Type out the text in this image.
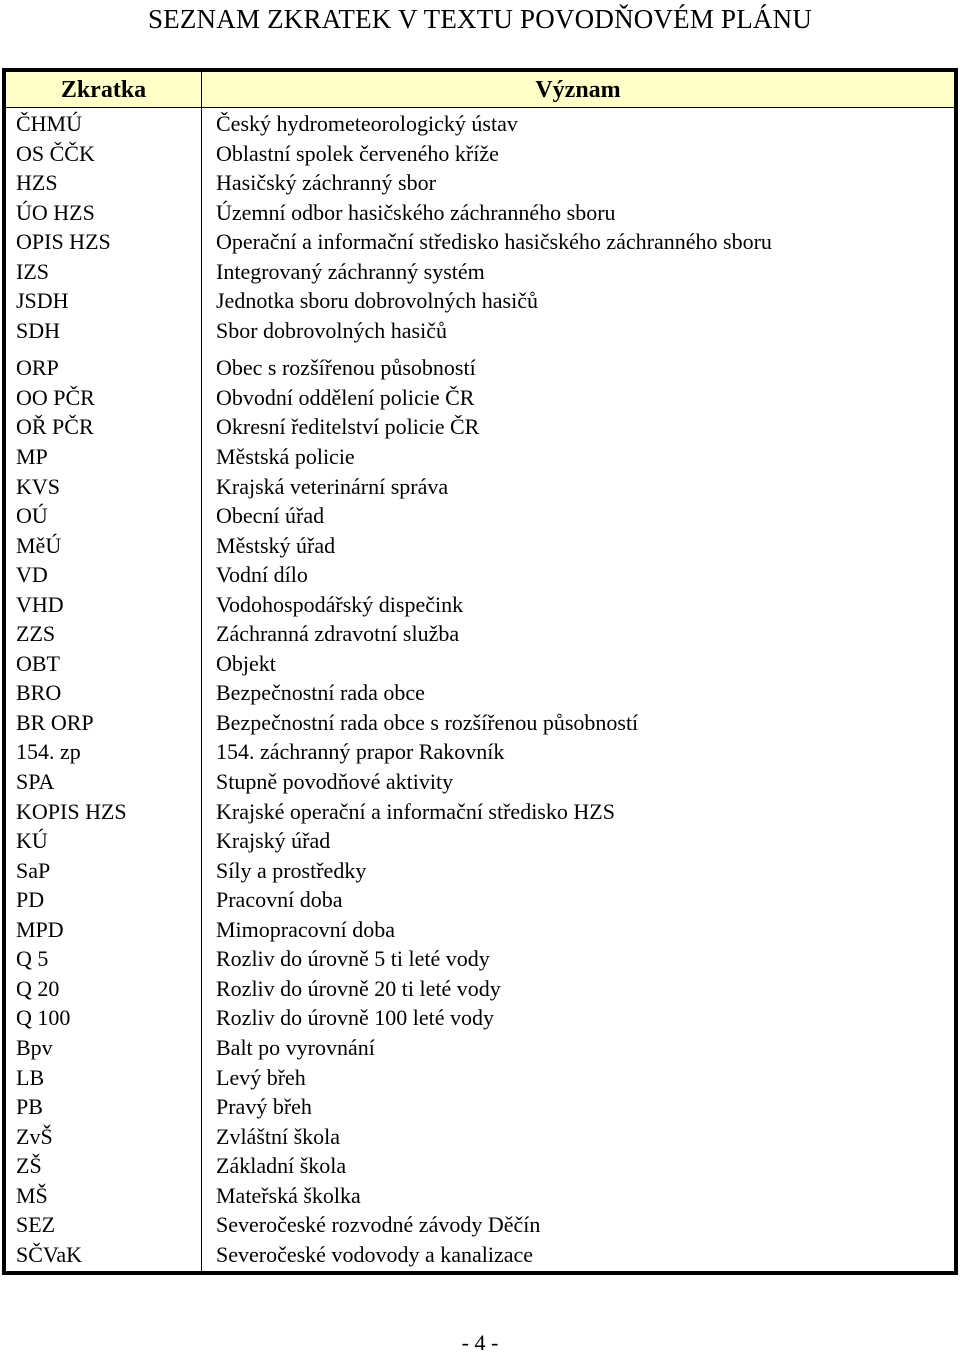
SEZNAM ZKRATEK V TEXTU POVODŇOVÉM PLÁNU
Zkratka	Význam
ČHMÚ	Český hydrometeorologický ústav
OS ČČK	Oblastní spolek červeného kříže
HZS	Hasičský záchranný sbor
ÚO HZS	Územní odbor hasičského záchranného sboru
OPIS HZS	Operační a informační středisko hasičského záchranného sboru
IZS	Integrovaný záchranný systém
JSDH	Jednotka sboru dobrovolných hasičů
SDH	Sbor dobrovolných hasičů
ORP	Obec s rozšířenou působností
OO PČR	Obvodní oddělení policie ČR
OŘ PČR	Okresní ředitelství policie ČR
MP	Městská policie
KVS	Krajská veterinární správa
OÚ	Obecní úřad
MěÚ	Městský úřad
VD	Vodní dílo
VHD	Vodohospodářský dispečink
ZZS	Záchranná zdravotní služba
OBT	Objekt
BRO	Bezpečnostní rada obce
BR ORP	Bezpečnostní rada obce s rozšířenou působností
154. zp	154. záchranný prapor Rakovník
SPA	Stupně povodňové aktivity
KOPIS HZS	Krajské operační a informační středisko HZS
KÚ	Krajský úřad
SaP	Síly a prostředky
PD	Pracovní doba
MPD	Mimopracovní doba
Q 5	Rozliv do úrovně 5 ti leté vody
Q 20	Rozliv do úrovně 20 ti leté vody
Q 100	Rozliv do úrovně 100 leté vody
Bpv	Balt po vyrovnání
LB	Levý břeh
PB	Pravý břeh
ZvŠ	Zvláštní škola
ZŠ	Základní škola
MŠ	Mateřská školka
SEZ	Severočeské rozvodné závody Děčín
SČVaK	Severočeské vodovody a kanalizace
- 4 -
